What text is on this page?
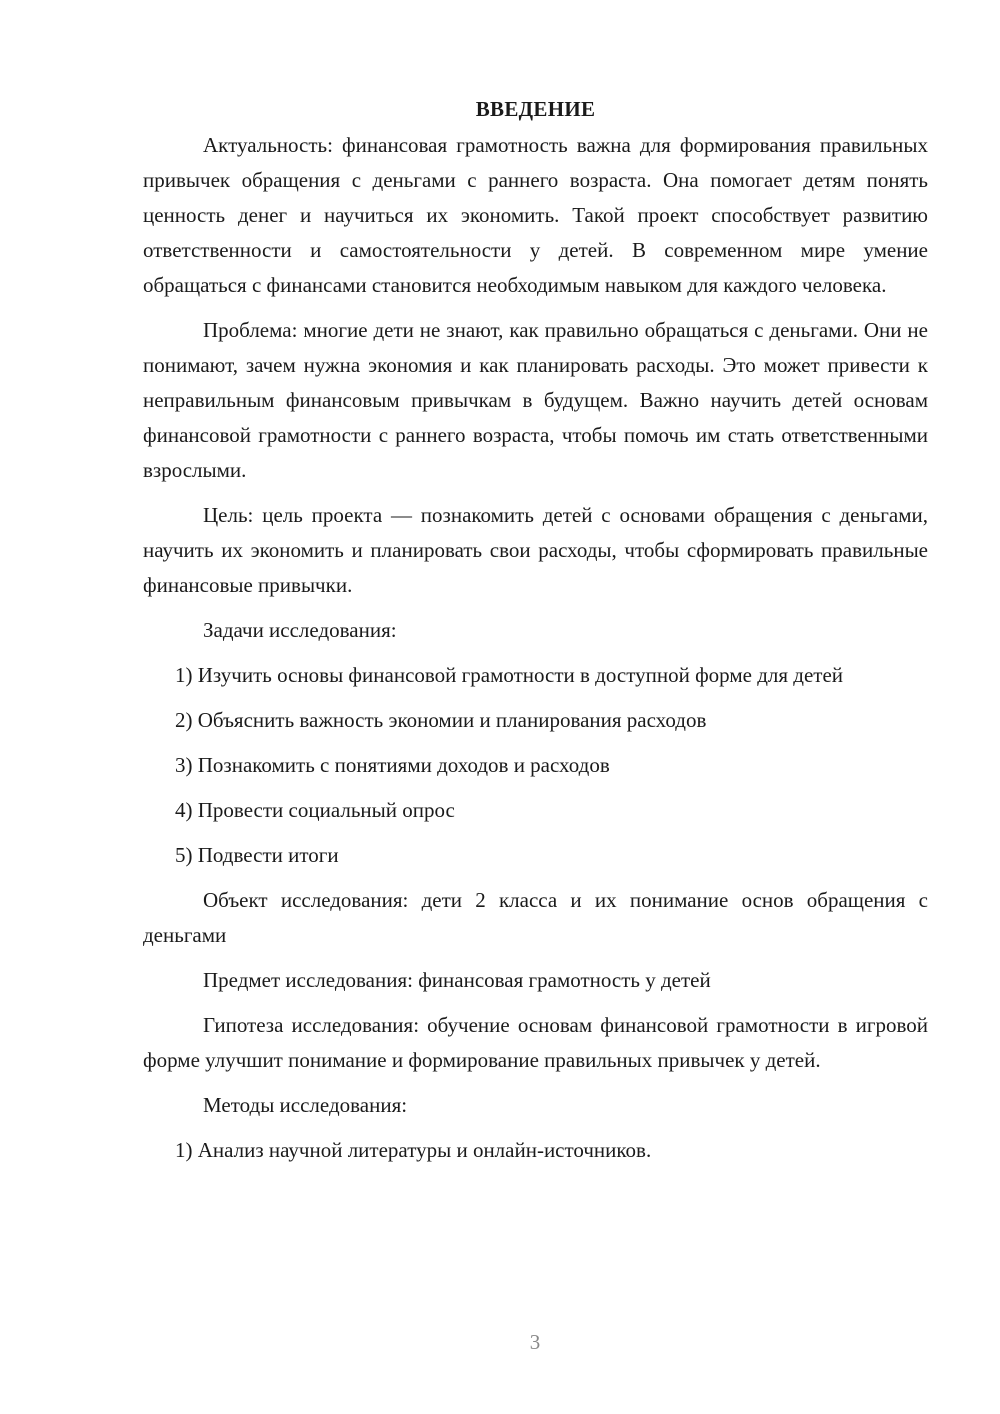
ВВЕДЕНИЕ

Актуальность: финансовая грамотность важна для формирования правильных привычек обращения с деньгами с раннего возраста. Она помогает детям понять ценность денег и научиться их экономить. Такой проект способствует развитию ответственности и самостоятельности у детей. В современном мире умение обращаться с финансами становится необходимым навыком для каждого человека.

Проблема: многие дети не знают, как правильно обращаться с деньгами. Они не понимают, зачем нужна экономия и как планировать расходы. Это может привести к неправильным финансовым привычкам в будущем. Важно научить детей основам финансовой грамотности с раннего возраста, чтобы помочь им стать ответственными взрослыми.

Цель: цель проекта — познакомить детей с основами обращения с деньгами, научить их экономить и планировать свои расходы, чтобы сформировать правильные финансовые привычки.

Задачи исследования:

1) Изучить основы финансовой грамотности в доступной форме для детей

2) Объяснить важность экономии и планирования расходов
3) Познакомить с понятиями доходов и расходов
4) Провести социальный опрос
5) Подвести итоги

Объект исследования: дети 2 класса и их понимание основ обращения с деньгами

Предмет исследования: финансовая грамотность у детей

Гипотеза исследования: обучение основам финансовой грамотности в игровой форме улучшит понимание и формирование правильных привычек у детей.

Методы исследования:
1) Анализ научной литературы и онлайн-источников.
3
